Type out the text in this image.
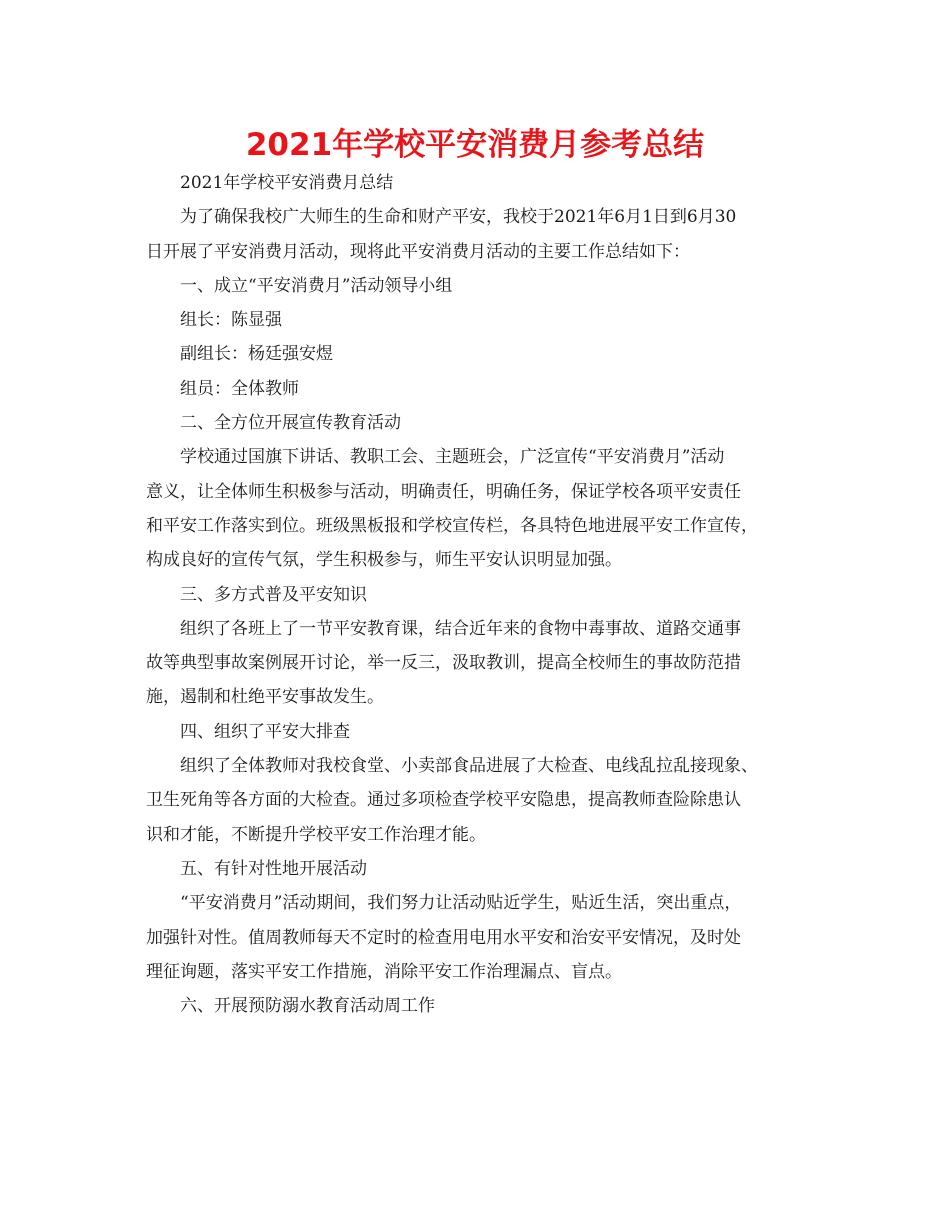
2021年学校平安消费月参考总结
2021年学校平安消费月总结
为了确保我校广大师生的生命和财产平安，我校于2021年6月1日到6月30
日开展了平安消费月活动，现将此平安消费月活动的主要工作总结如下：
一、成立“平安消费月”活动领导小组
组长：陈显强
副组长：杨廷强安煜
组员：全体教师
二、全方位开展宣传教育活动
学校通过国旗下讲话、教职工会、主题班会，广泛宣传“平安消费月”活动
意义，让全体师生积极参与活动，明确责任，明确任务，保证学校各项平安责任
和平安工作落实到位。班级黑板报和学校宣传栏，各具特色地进展平安工作宣传，
构成良好的宣传气氛，学生积极参与，师生平安认识明显加强。
三、多方式普及平安知识
组织了各班上了一节平安教育课，结合近年来的食物中毒事故、道路交通事
故等典型事故案例展开讨论，举一反三，汲取教训，提高全校师生的事故防范措
施，遏制和杜绝平安事故发生。
四、组织了平安大排查
组织了全体教师对我校食堂、小卖部食品进展了大检查、电线乱拉乱接现象、
卫生死角等各方面的大检查。通过多项检查学校平安隐患，提高教师查险除患认
识和才能，不断提升学校平安工作治理才能。
五、有针对性地开展活动
“平安消费月”活动期间，我们努力让活动贴近学生，贴近生活，突出重点，
加强针对性。值周教师每天不定时的检查用电用水平安和治安平安情况，及时处
理征询题，落实平安工作措施，消除平安工作治理漏点、盲点。
六、开展预防溺水教育活动周工作
